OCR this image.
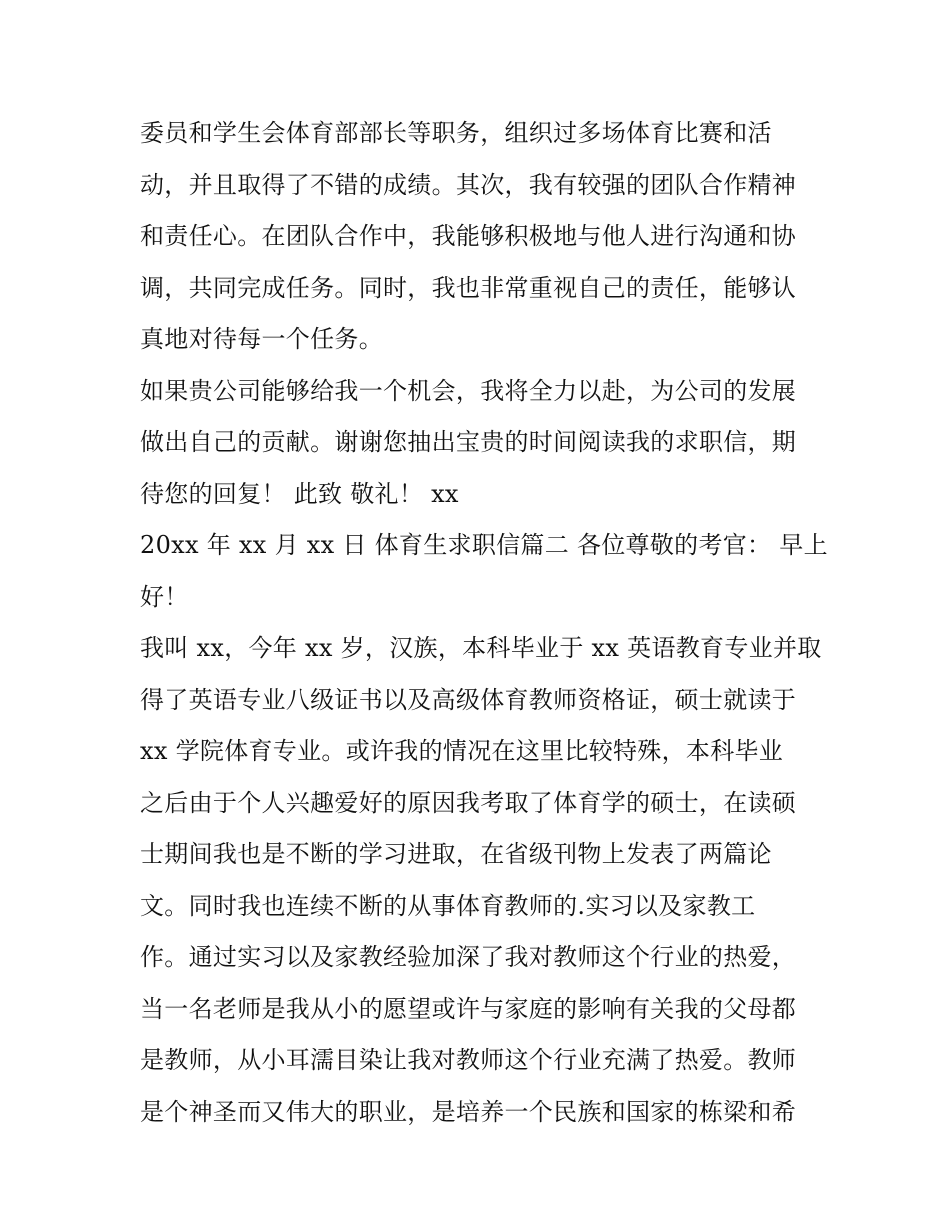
委员和学生会体育部部长等职务，组织过多场体育比赛和活
动，并且取得了不错的成绩。其次，我有较强的团队合作精神
和责任心。在团队合作中，我能够积极地与他人进行沟通和协
调，共同完成任务。同时，我也非常重视自己的责任，能够认
真地对待每一个任务。
如果贵公司能够给我一个机会，我将全力以赴，为公司的发展
做出自己的贡献。谢谢您抽出宝贵的时间阅读我的求职信，期
待您的回复！ 此致 敬礼！ xx
20xx 年 xx 月 xx 日 体育生求职信篇二 各位尊敬的考官： 早上
好！
我叫 xx，今年 xx 岁，汉族，本科毕业于 xx 英语教育专业并取
得了英语专业八级证书以及高级体育教师资格证，硕士就读于
xx 学院体育专业。或许我的情况在这里比较特殊，本科毕业
之后由于个人兴趣爱好的原因我考取了体育学的硕士，在读硕
士期间我也是不断的学习进取，在省级刊物上发表了两篇论
文。同时我也连续不断的从事体育教师的.实习以及家教工
作。通过实习以及家教经验加深了我对教师这个行业的热爱，
当一名老师是我从小的愿望或许与家庭的影响有关我的父母都
是教师，从小耳濡目染让我对教师这个行业充满了热爱。教师
是个神圣而又伟大的职业，是培养一个民族和国家的栋梁和希
